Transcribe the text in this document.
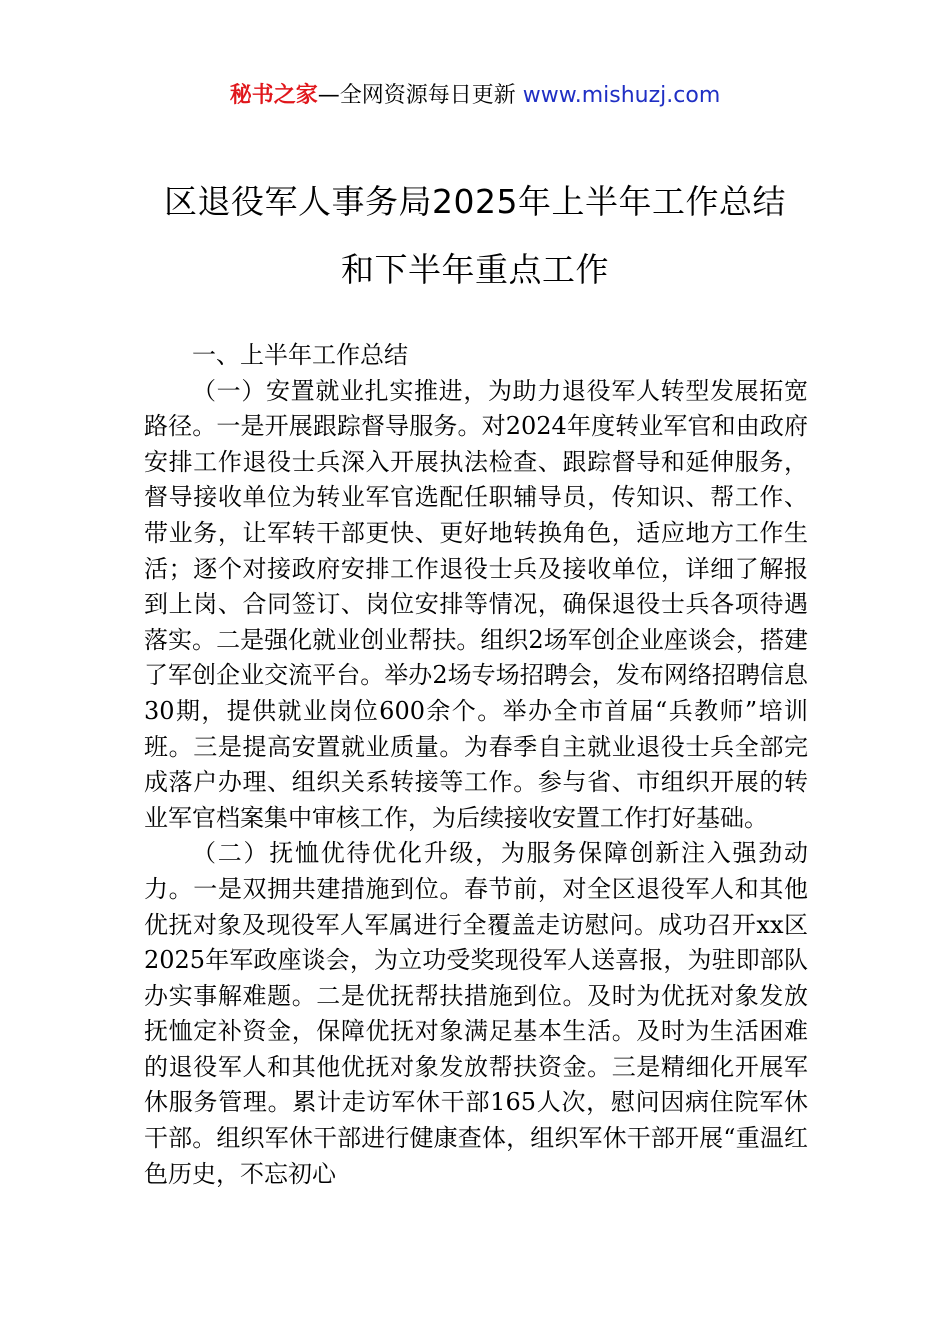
秘书之家—全网资源每日更新 www.mishuzj.com
区退役军人事务局2025年上半年工作总结
和下半年重点工作

一、上半年工作总结

（一）安置就业扎实推进，为助力退役军人转型发展拓宽路径。一是开展跟踪督导服务。对2024年度转业军官和由政府安排工作退役士兵深入开展执法检查、跟踪督导和延伸服务，督导接收单位为转业军官选配任职辅导员，传知识、帮工作、带业务，让军转干部更快、更好地转换角色，适应地方工作生活；逐个对接政府安排工作退役士兵及接收单位，详细了解报到上岗、合同签订、岗位安排等情况，确保退役士兵各项待遇落实。二是强化就业创业帮扶。组织2场军创企业座谈会，搭建了军创企业交流平台。举办2场专场招聘会，发布网络招聘信息30期，提供就业岗位600余个。举办全市首届“兵教师”培训班。三是提高安置就业质量。为春季自主就业退役士兵全部完成落户办理、组织关系转接等工作。参与省、市组织开展的转业军官档案集中审核工作，为后续接收安置工作打好基础。

（二）抚恤优待优化升级，为服务保障创新注入强劲动力。一是双拥共建措施到位。春节前，对全区退役军人和其他优抚对象及现役军人军属进行全覆盖走访慰问。成功召开xx区2025年军政座谈会，为立功受奖现役军人送喜报，为驻即部队办实事解难题。二是优抚帮扶措施到位。及时为优抚对象发放抚恤定补资金，保障优抚对象满足基本生活。及时为生活困难的退役军人和其他优抚对象发放帮扶资金。三是精细化开展军休服务管理。累计走访军休干部165人次，慰问因病住院军休干部。组织军休干部进行健康查体，组织军休干部开展“重温红色历史，不忘初心
